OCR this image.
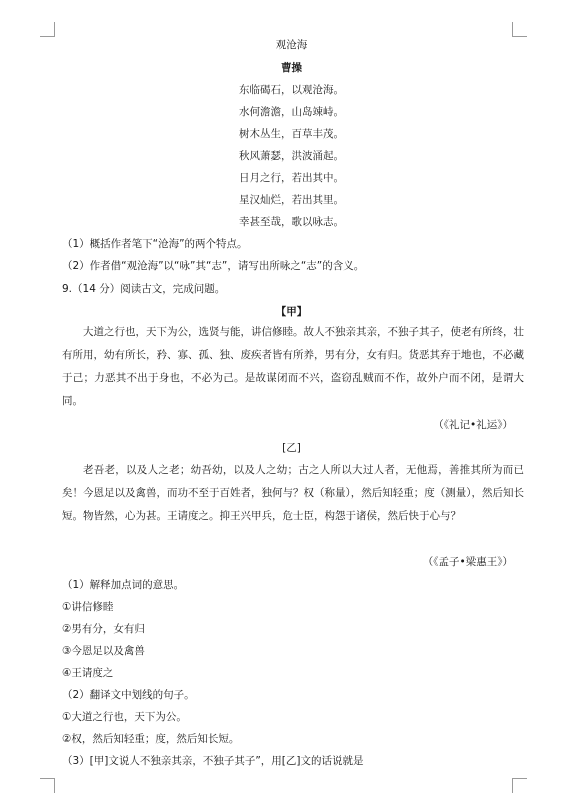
观沧海
曹操
东临碣石，以观沧海。
水何澹澹，山岛竦峙。
树木丛生，百草丰茂。
秋风萧瑟，洪波涌起。
日月之行，若出其中。
星汉灿烂，若出其里。
幸甚至哉，歌以咏志。
（1）概括作者笔下“沧海”的两个特点。
（2）作者借“观沧海”以“咏”其“志”，请写出所咏之“志”的含义。
9.（14 分）阅读古文，完成问题。
【甲】
大道之行也，天下为公，选贤与能，讲信修睦。故人不独亲其亲，不独子其子，使老有所终，壮有所用，幼有所长，矜、寡、孤、独、废疾者皆有所养，男有分，女有归。货恶其弃于地也，不必藏于己；力恶其不出于身也，不必为己。是故谋闭而不兴，盗窃乱贼而不作，故外户而不闭，是谓大同。
（《礼记•礼运》）
[乙]
老吾老，以及人之老；幼吾幼，以及人之幼；古之人所以大过人者，无他焉，善推其所为而已矣！今恩足以及禽兽，而功不至于百姓者，独何与？权（称量），然后知轻重；度（测量），然后知长短。物皆然，心为甚。王请度之。抑王兴甲兵，危士臣，构怨于诸侯，然后快于心与？
（《孟子•梁惠王》）
（1）解释加点词的意思。
①讲信修睦
②男有分，女有归
③今恩足以及禽兽
④王请度之
（2）翻译文中划线的句子。
①大道之行也，天下为公。
②权，然后知轻重；度，然后知长短。
（3）[甲]文说人不独亲其亲，不独子其子”，用[乙]文的话说就是
